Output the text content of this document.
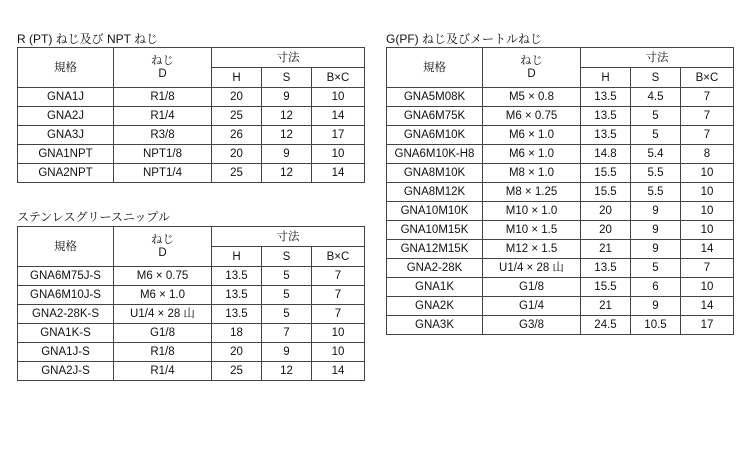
R (PT) ねじ及び NPT ねじ
規格	ねじ
D	寸法		
		H	S	B×C
GNA1J	R1/8	20	9	10
GNA2J	R1/4	25	12	14
GNA3J	R3/8	26	12	17
GNA1NPT	NPT1/8	20	9	10
GNA2NPT	NPT1/4	25	12	14
ステンレスグリースニップル
規格	ねじ
D	寸法		
		H	S	B×C
GNA6M75J-S	M6 × 0.75	13.5	5	7
GNA6M10J-S	M6 × 1.0	13.5	5	7
GNA2-28K-S	U1/4 × 28 山	13.5	5	7
GNA1K-S	G1/8	18	7	10
GNA1J-S	R1/8	20	9	10
GNA2J-S	R1/4	25	12	14
G(PF) ねじ及びメートルねじ
規格	ねじ
D	寸法		
		H	S	B×C
GNA5M08K	M5 × 0.8	13.5	4.5	7
GNA6M75K	M6 × 0.75	13.5	5	7
GNA6M10K	M6 × 1.0	13.5	5	7
GNA6M10K-H8	M6 × 1.0	14.8	5.4	8
GNA8M10K	M8 × 1.0	15.5	5.5	10
GNA8M12K	M8 × 1.25	15.5	5.5	10
GNA10M10K	M10 × 1.0	20	9	10
GNA10M15K	M10 × 1.5	20	9	10
GNA12M15K	M12 × 1.5	21	9	14
GNA2-28K	U1/4 × 28 山	13.5	5	7
GNA1K	G1/8	15.5	6	10
GNA2K	G1/4	21	9	14
GNA3K	G3/8	24.5	10.5	17
